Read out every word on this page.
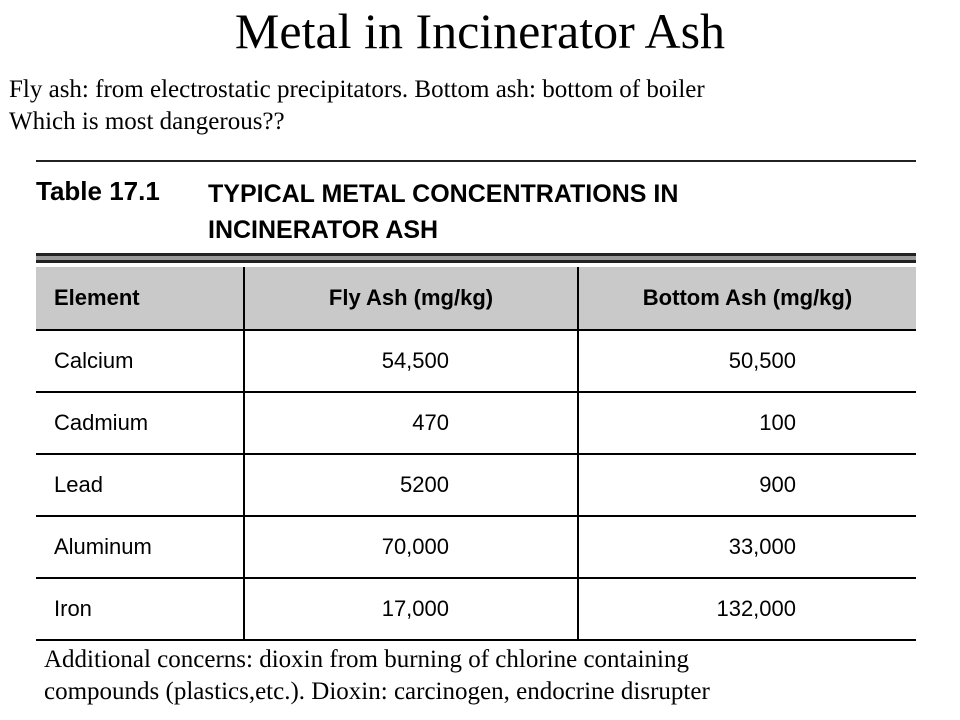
Metal in Incinerator Ash
Fly ash: from electrostatic precipitators. Bottom ash: bottom of boiler
Which is most dangerous??
Table 17.1 TYPICAL METAL CONCENTRATIONS IN INCINERATOR ASH
Element	Fly Ash (mg/kg)	Bottom Ash (mg/kg)
Calcium	54,500	50,500
Cadmium	470	100
Lead	5200	900
Aluminum	70,000	33,000
Iron	17,000	132,000
Additional concerns: dioxin from burning of chlorine containing
compounds (plastics,etc.). Dioxin: carcinogen, endocrine disrupter
